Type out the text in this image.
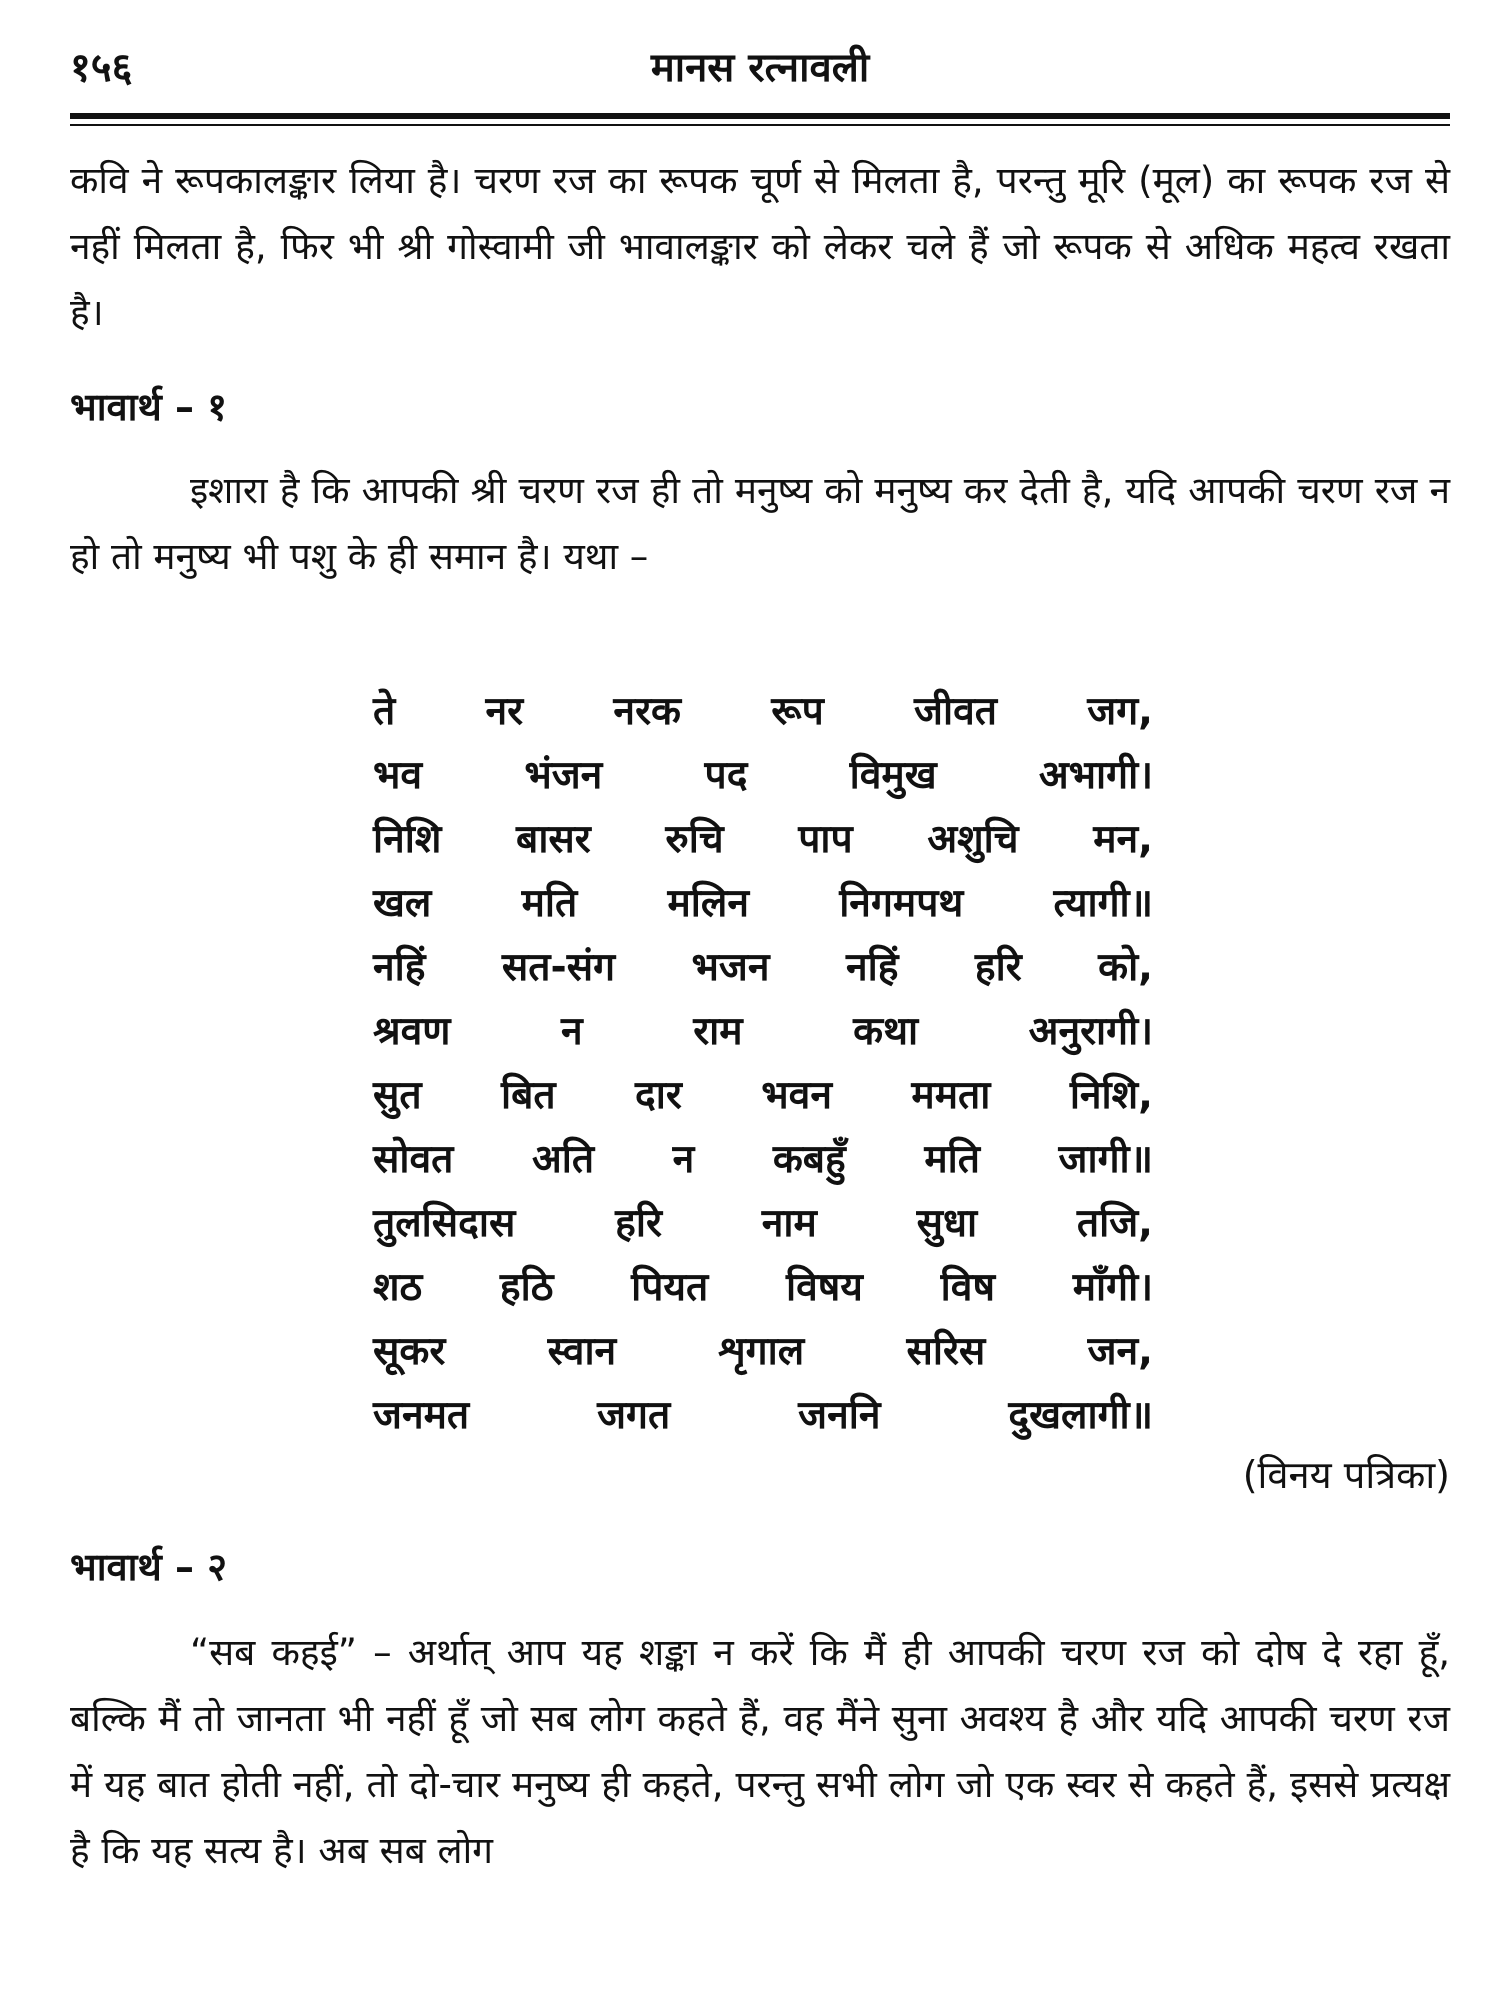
मानस रत्नावली
१५६

कवि ने रूपकालङ्कार लिया है। चरण रज का रूपक चूर्ण से मिलता है, परन्तु मूरि (मूल) का रूपक रज से नहीं मिलता है, फिर भी श्री गोस्वामी जी भावालङ्कार को लेकर चले हैं जो रूपक से अधिक महत्व रखता है।

भावार्थ – १

इशारा है कि आपकी श्री चरण रज ही तो मनुष्य को मनुष्य कर देती है, यदि आपकी चरण रज न हो तो मनुष्य भी पशु के ही समान है। यथा –

ते नर नरक रूप जीवत जग,
भव भंजन पद विमुख अभागी।
निशि बासर रुचि पाप अशुचि मन,
खल मति मलिन निगमपथ त्यागी॥
नहिं सत-संग भजन नहिं हरि को,
श्रवण न राम कथा अनुरागी।
सुत बित दार भवन ममता निशि,
सोवत अति न कबहुँ मति जागी॥
तुलसिदास हरि नाम सुधा तजि,
शठ हठि पियत विषय विष माँगी।
सूकर स्वान शृगाल सरिस जन,
जनमत जगत जननि दुखलागी॥
(विनय पत्रिका)
भावार्थ – २

“सब कहई” – अर्थात् आप यह शङ्का न करें कि मैं ही आपकी चरण रज को दोष दे रहा हूँ, बल्कि मैं तो जानता भी नहीं हूँ जो सब लोग कहते हैं, वह मैंने सुना अवश्य है और यदि आपकी चरण रज में यह बात होती नहीं, तो दो-चार मनुष्य ही कहते, परन्तु सभी लोग जो एक स्वर से कहते हैं, इससे प्रत्यक्ष है कि यह सत्य है। अब सब लोग
